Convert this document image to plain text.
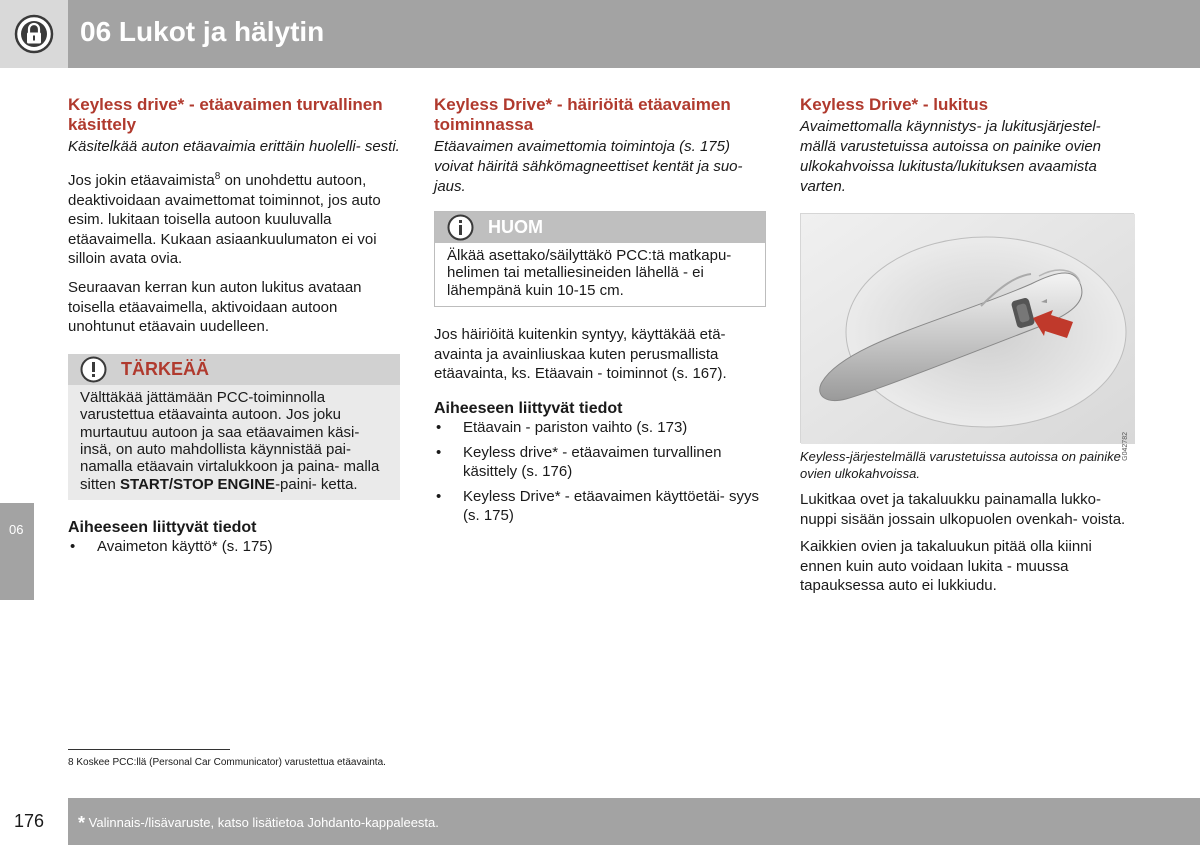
06 Lukot ja hälytin
06
Keyless drive* - etäavaimen turvallinen käsittely
Käsitelkää auton etäavaimia erittäin huolelli- sesti.
Jos jokin etäavaimista$^8$ on unohdettu autoon, deaktivoidaan avaimettomat toiminnot, jos auto esim. lukitaan toisella autoon kuuluvalla etäavaimella. Kukaan asiaankuulumaton ei voi silloin avata ovia.
Seuraavan kerran kun auton lukitus avataan toisella etäavaimella, aktivoidaan autoon unohtunut etäavain uudelleen.
TÄRKEÄÄ
Välttäkää jättämään PCC-toiminnolla varustettua etäavainta autoon. Jos joku murtautuu autoon ja saa etäavaimen käsi- insä, on auto mahdollista käynnistää pai- namalla etäavain virtalukkoon ja paina- malla sitten START/STOP ENGINE-paini- ketta.
Aiheeseen liittyvät tiedot
• Avaimeton käyttö* (s. 175)
Keyless Drive* - häiriöitä etäavaimen toiminnassa
Etäavaimen avaimettomia toimintoja (s. 175) voivat häiritä sähkömagneettiset kentät ja suo- jaus.
HUOM
Älkää asettako/säilyttäkö PCC:tä matkapu- helimen tai metalliesineiden lähellä - ei lähempänä kuin 10-15 cm.
Jos häiriöitä kuitenkin syntyy, käyttäkää etä- avainta ja avainliuskaa kuten perusmallista etäavainta, ks. Etäavain - toiminnot (s. 167).
Aiheeseen liittyvät tiedot
• Etäavain - pariston vaihto (s. 173)
• Keyless drive* - etäavaimen turvallinen käsittely (s. 176)
• Keyless Drive* - etäavaimen käyttöetäi- syys (s. 175)
Keyless Drive* - lukitus
Avaimettomalla käynnistys- ja lukitusjärjestel- mällä varustetuissa autoissa on painike ovien ulkokahvoissa lukitusta/lukituksen avaamista varten.
G042782
Keyless-järjestelmällä varustetuissa autoissa on painike ovien ulkokahvoissa.
Lukitkaa ovet ja takaluukku painamalla lukko- nuppi sisään jossain ulkopuolen ovenkah- voista.
Kaikkien ovien ja takaluukun pitää olla kiinni ennen kuin auto voidaan lukita - muussa tapauksessa auto ei lukkiudu.
8 Koskee PCC:llä (Personal Car Communicator) varustettua etäavainta.
176 * Valinnais-/lisävaruste, katso lisätietoa Johdanto-kappaleesta.
